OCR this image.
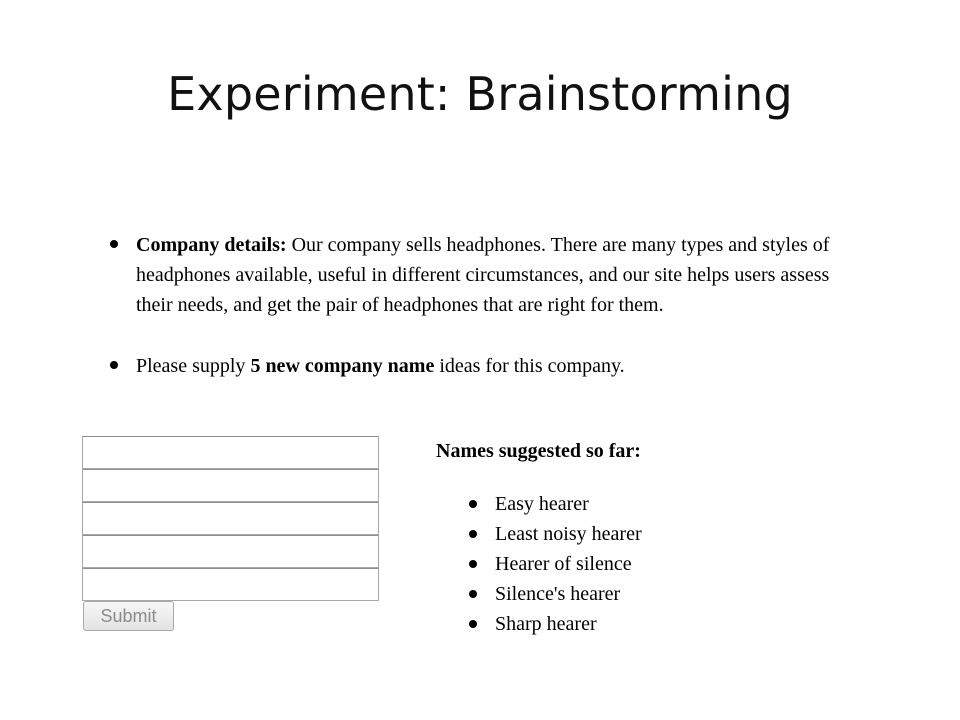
Experiment: Brainstorming
Company details: Our company sells headphones. There are many types and styles of headphones available, useful in different circumstances, and our site helps users assess their needs, and get the pair of headphones that are right for them.
Please supply 5 new company name ideas for this company.
Submit
Names suggested so far:
Easy hearer
Least noisy hearer
Hearer of silence
Silence's hearer
Sharp hearer
